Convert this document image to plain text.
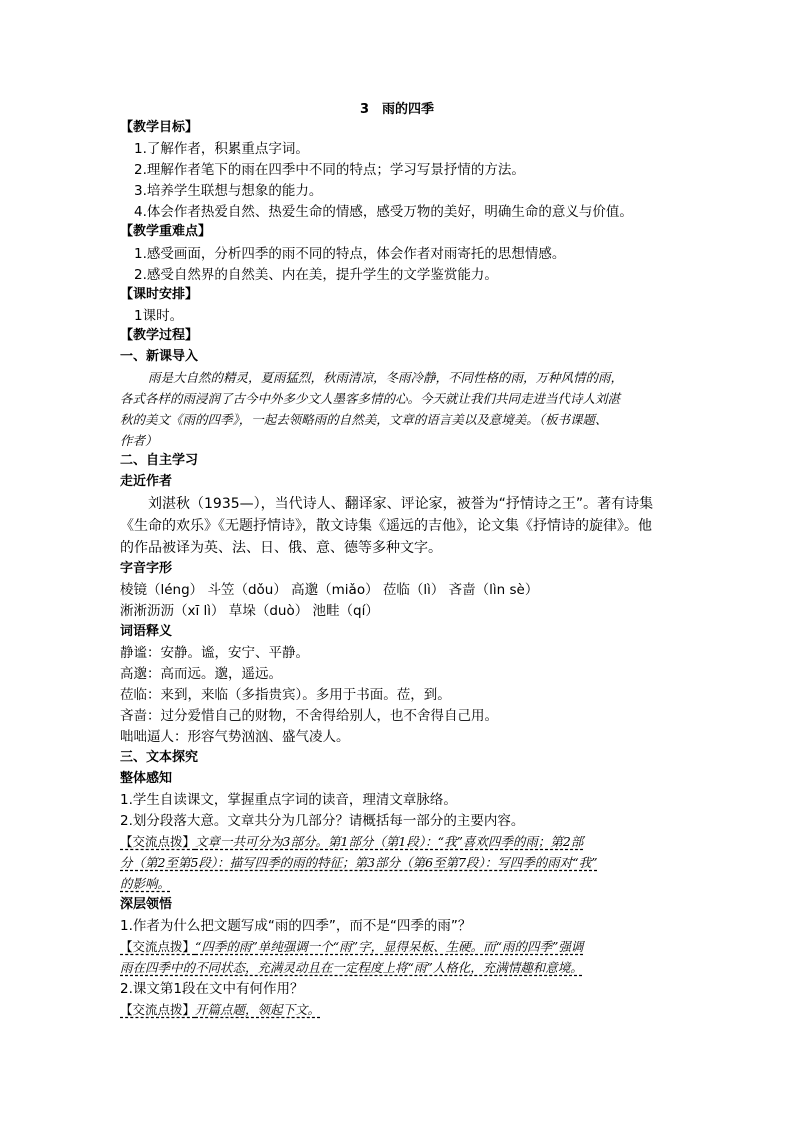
3　雨的四季
【教学目标】
1.了解作者，积累重点字词。
2.理解作者笔下的雨在四季中不同的特点；学习写景抒情的方法。
3.培养学生联想与想象的能力。
4.体会作者热爱自然、热爱生命的情感，感受万物的美好，明确生命的意义与价值。
【教学重难点】
1.感受画面，分析四季的雨不同的特点，体会作者对雨寄托的思想情感。
2.感受自然界的自然美、内在美，提升学生的文学鉴赏能力。
【课时安排】
1课时。
【教学过程】
一、新课导入
雨是大自然的精灵，夏雨猛烈，秋雨清凉，冬雨冷静，不同性格的雨，万种风情的雨，
各式各样的雨浸润了古今中外多少文人墨客多情的心。今天就让我们共同走进当代诗人刘湛
秋的美文《雨的四季》，一起去领略雨的自然美，文章的语言美以及意境美。（板书课题、
作者）
二、自主学习
走近作者
刘湛秋（1935—），当代诗人、翻译家、评论家，被誉为“抒情诗之王”。著有诗集
《生命的欢乐》《无题抒情诗》，散文诗集《遥远的吉他》，论文集《抒情诗的旋律》。他
的作品被译为英、法、日、俄、意、德等多种文字。
字音字形
棱镜（léng） 斗笠（dǒu） 高邈（miǎo） 莅临（lì） 吝啬（lìn sè）
淅淅沥沥（xī lì） 草垛（duò） 池畦（qí）
词语释义
静谧：安静。谧，安宁、平静。
高邈：高而远。邈，遥远。
莅临：来到，来临（多指贵宾）。多用于书面。莅，到。
吝啬：过分爱惜自己的财物，不舍得给别人，也不舍得自己用。
咄咄逼人：形容气势汹汹、盛气凌人。
三、文本探究
整体感知
1.学生自读课文，掌握重点字词的读音，理清文章脉络。
2.划分段落大意。文章共分为几部分？请概括每一部分的主要内容。
【交流点拨】文章一共可分为3部分。第1部分（第1段）：“我”喜欢四季的雨；第2部
分（第2至第5段）：描写四季的雨的特征；第3部分（第6至第7段）：写四季的雨对“我”
的影响。
深层领悟
1.作者为什么把文题写成“雨的四季”，而不是“四季的雨”？
【交流点拨】“四季的雨”单纯强调一个“雨”字，显得呆板、生硬。而“雨的四季”强调
雨在四季中的不同状态，充满灵动且在一定程度上将“雨”人格化，充满情趣和意境。
2.课文第1段在文中有何作用？
【交流点拨】开篇点题，领起下文。
